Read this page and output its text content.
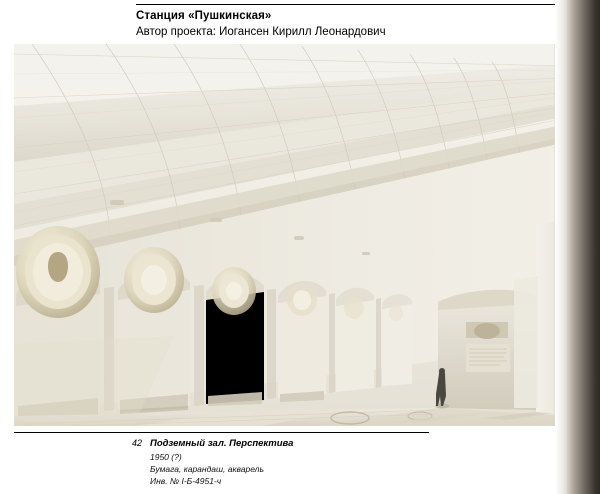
Станция «Пушкинская»
Автор проекта: Иогансен Кирилл Леонардович
42 Подземный зал. Перспектива
1950 (?)
Бумага, карандаш, акварель
Инв. № I-Б-4951-ч
